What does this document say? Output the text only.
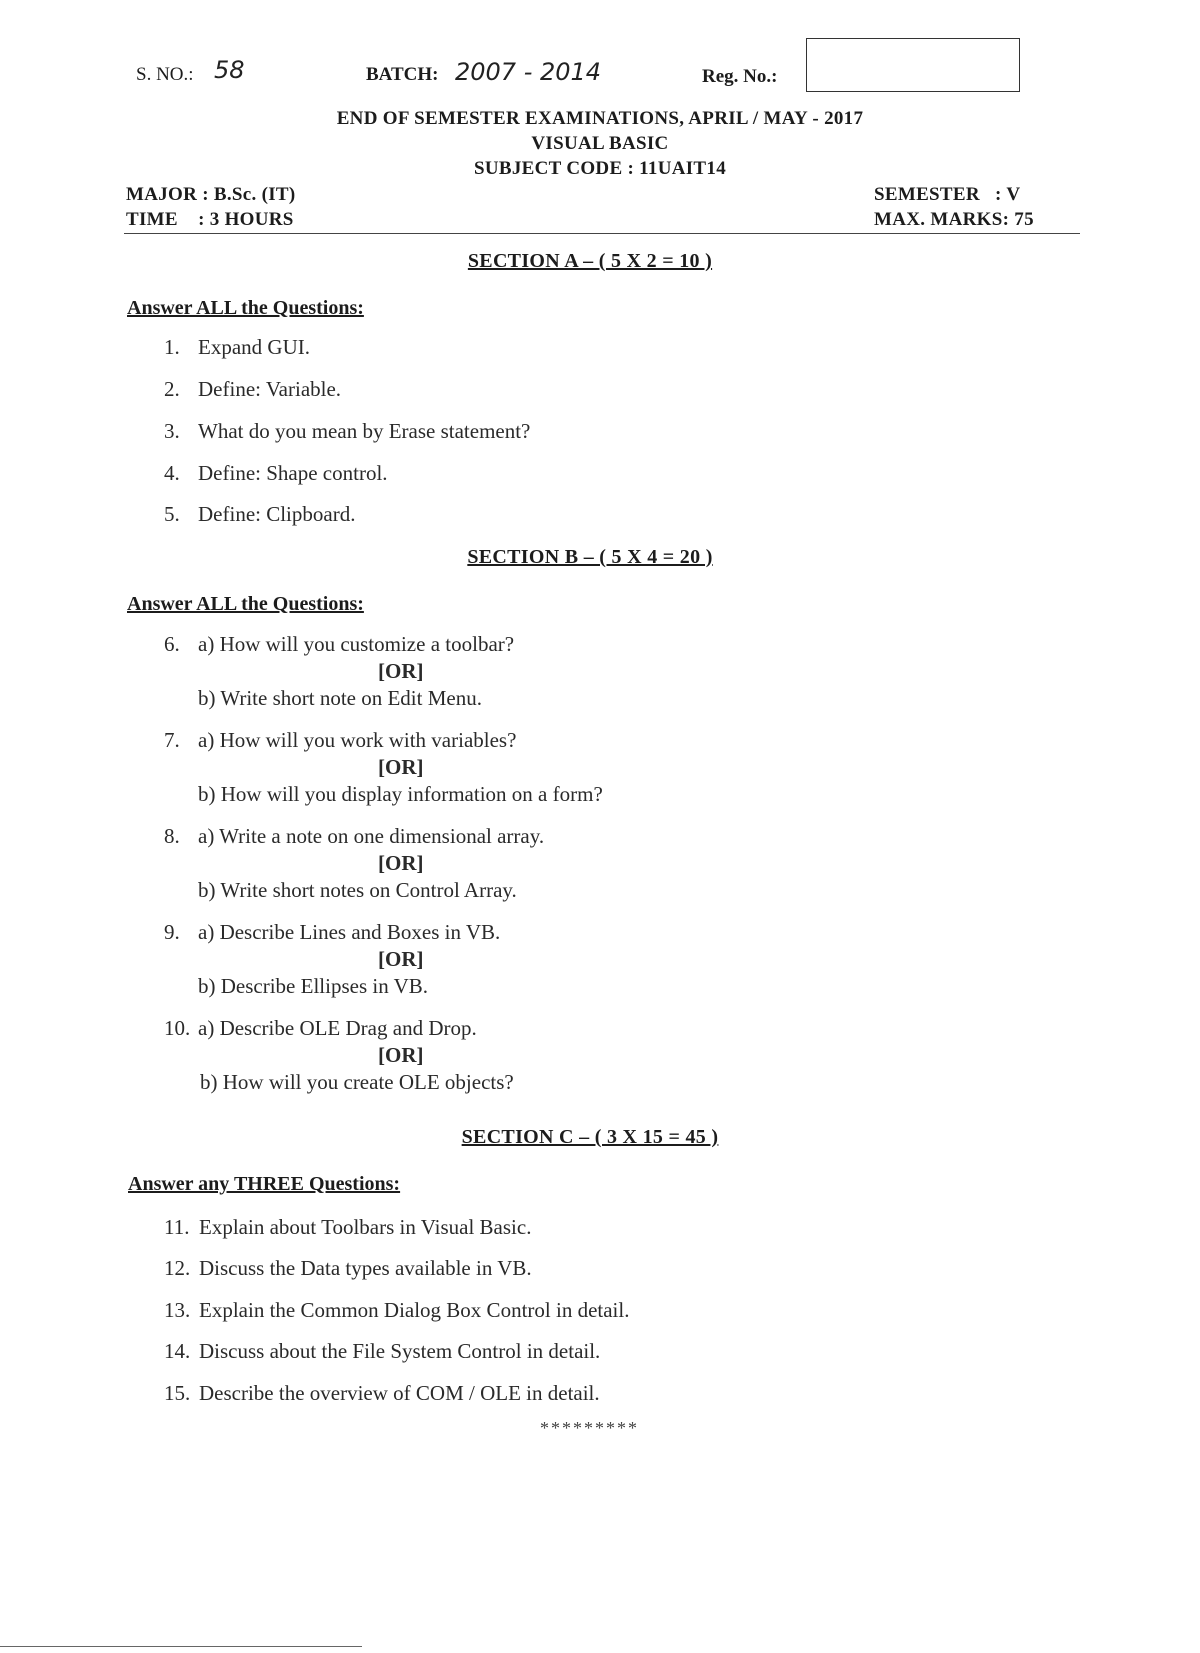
S. NO.: 58	BATCH: 2007 - 2014	Reg. No.:
END OF SEMESTER EXAMINATIONS, APRIL / MAY - 2017
VISUAL BASIC
SUBJECT CODE : 11UAIT14
MAJOR : B.Sc. (IT)
TIME    : 3 HOURS
SEMESTER   : V
MAX. MARKS: 75
SECTION A – ( 5 X 2 = 10 )
Answer ALL the Questions:
1. Expand GUI.
2. Define: Variable.
3. What do you mean by Erase statement?
4. Define: Shape control.
5. Define: Clipboard.
SECTION B – ( 5 X 4 = 20 )
Answer ALL the Questions:
6. a) How will you customize a toolbar?
[OR]
b) Write short note on Edit Menu.
7. a) How will you work with variables?
[OR]
b) How will you display information on a form?
8. a) Write a note on one dimensional array.
[OR]
b) Write short notes on Control Array.
9. a) Describe Lines and Boxes in VB.
[OR]
b) Describe Ellipses in VB.
10. a) Describe OLE Drag and Drop.
[OR]
b) How will you create OLE objects?
SECTION C – ( 3 X 15 = 45 )
Answer any THREE Questions:
11. Explain about Toolbars in Visual Basic.
12. Discuss the Data types available in VB.
13. Explain the Common Dialog Box Control in detail.
14. Discuss about the File System Control in detail.
15. Describe the overview of COM / OLE in detail.
*********
